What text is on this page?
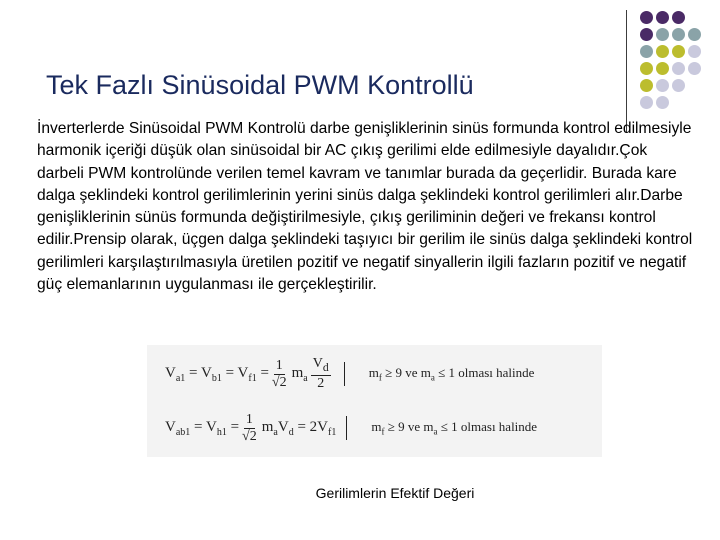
Tek Fazlı Sinüsoidal PWM Kontrollü
İnverterlerde Sinüsoidal PWM Kontrolü darbe genişliklerinin sinüs formunda kontrol edilmesiyle harmonik içeriği düşük olan sinüsoidal bir AC çıkış gerilimi elde edilmesiyle dayalıdır.Çok darbeli PWM kontrolünde verilen temel kavram ve tanımlar burada da geçerlidir. Burada kare dalga şeklindeki kontrol gerilimlerinin yerini sinüs dalga şeklindeki kontrol gerilimleri alır.Darbe genişliklerinin sünüs formunda değiştirilmesiyle, çıkış geriliminin değeri ve frekansı kontrol edilir.Prensip olarak, üçgen dalga şeklindeki taşıyıcı bir gerilim ile sinüs dalga şeklindeki kontrol gerilimleri karşılaştırılmasıyla üretilen pozitif ve negatif sinyallerin ilgili fazların pozitif ve negatif güç elemanlarının uygulanması ile gerçekleştirilir.
$V_{a1} = V_{b1} = V_{f1} = \frac{1}{√2} m_a \frac{V_d}{2}$	$m_f \ge 9$ ve $m_a \le 1$ olması halinde
$V_{ab1} = V_{h1} = \frac{1}{√2} m_aV_d = 2V_{f1}$	$m_f \ge 9$ ve $m_a \le 1$ olması halinde
Gerilimlerin Efektif Değeri
